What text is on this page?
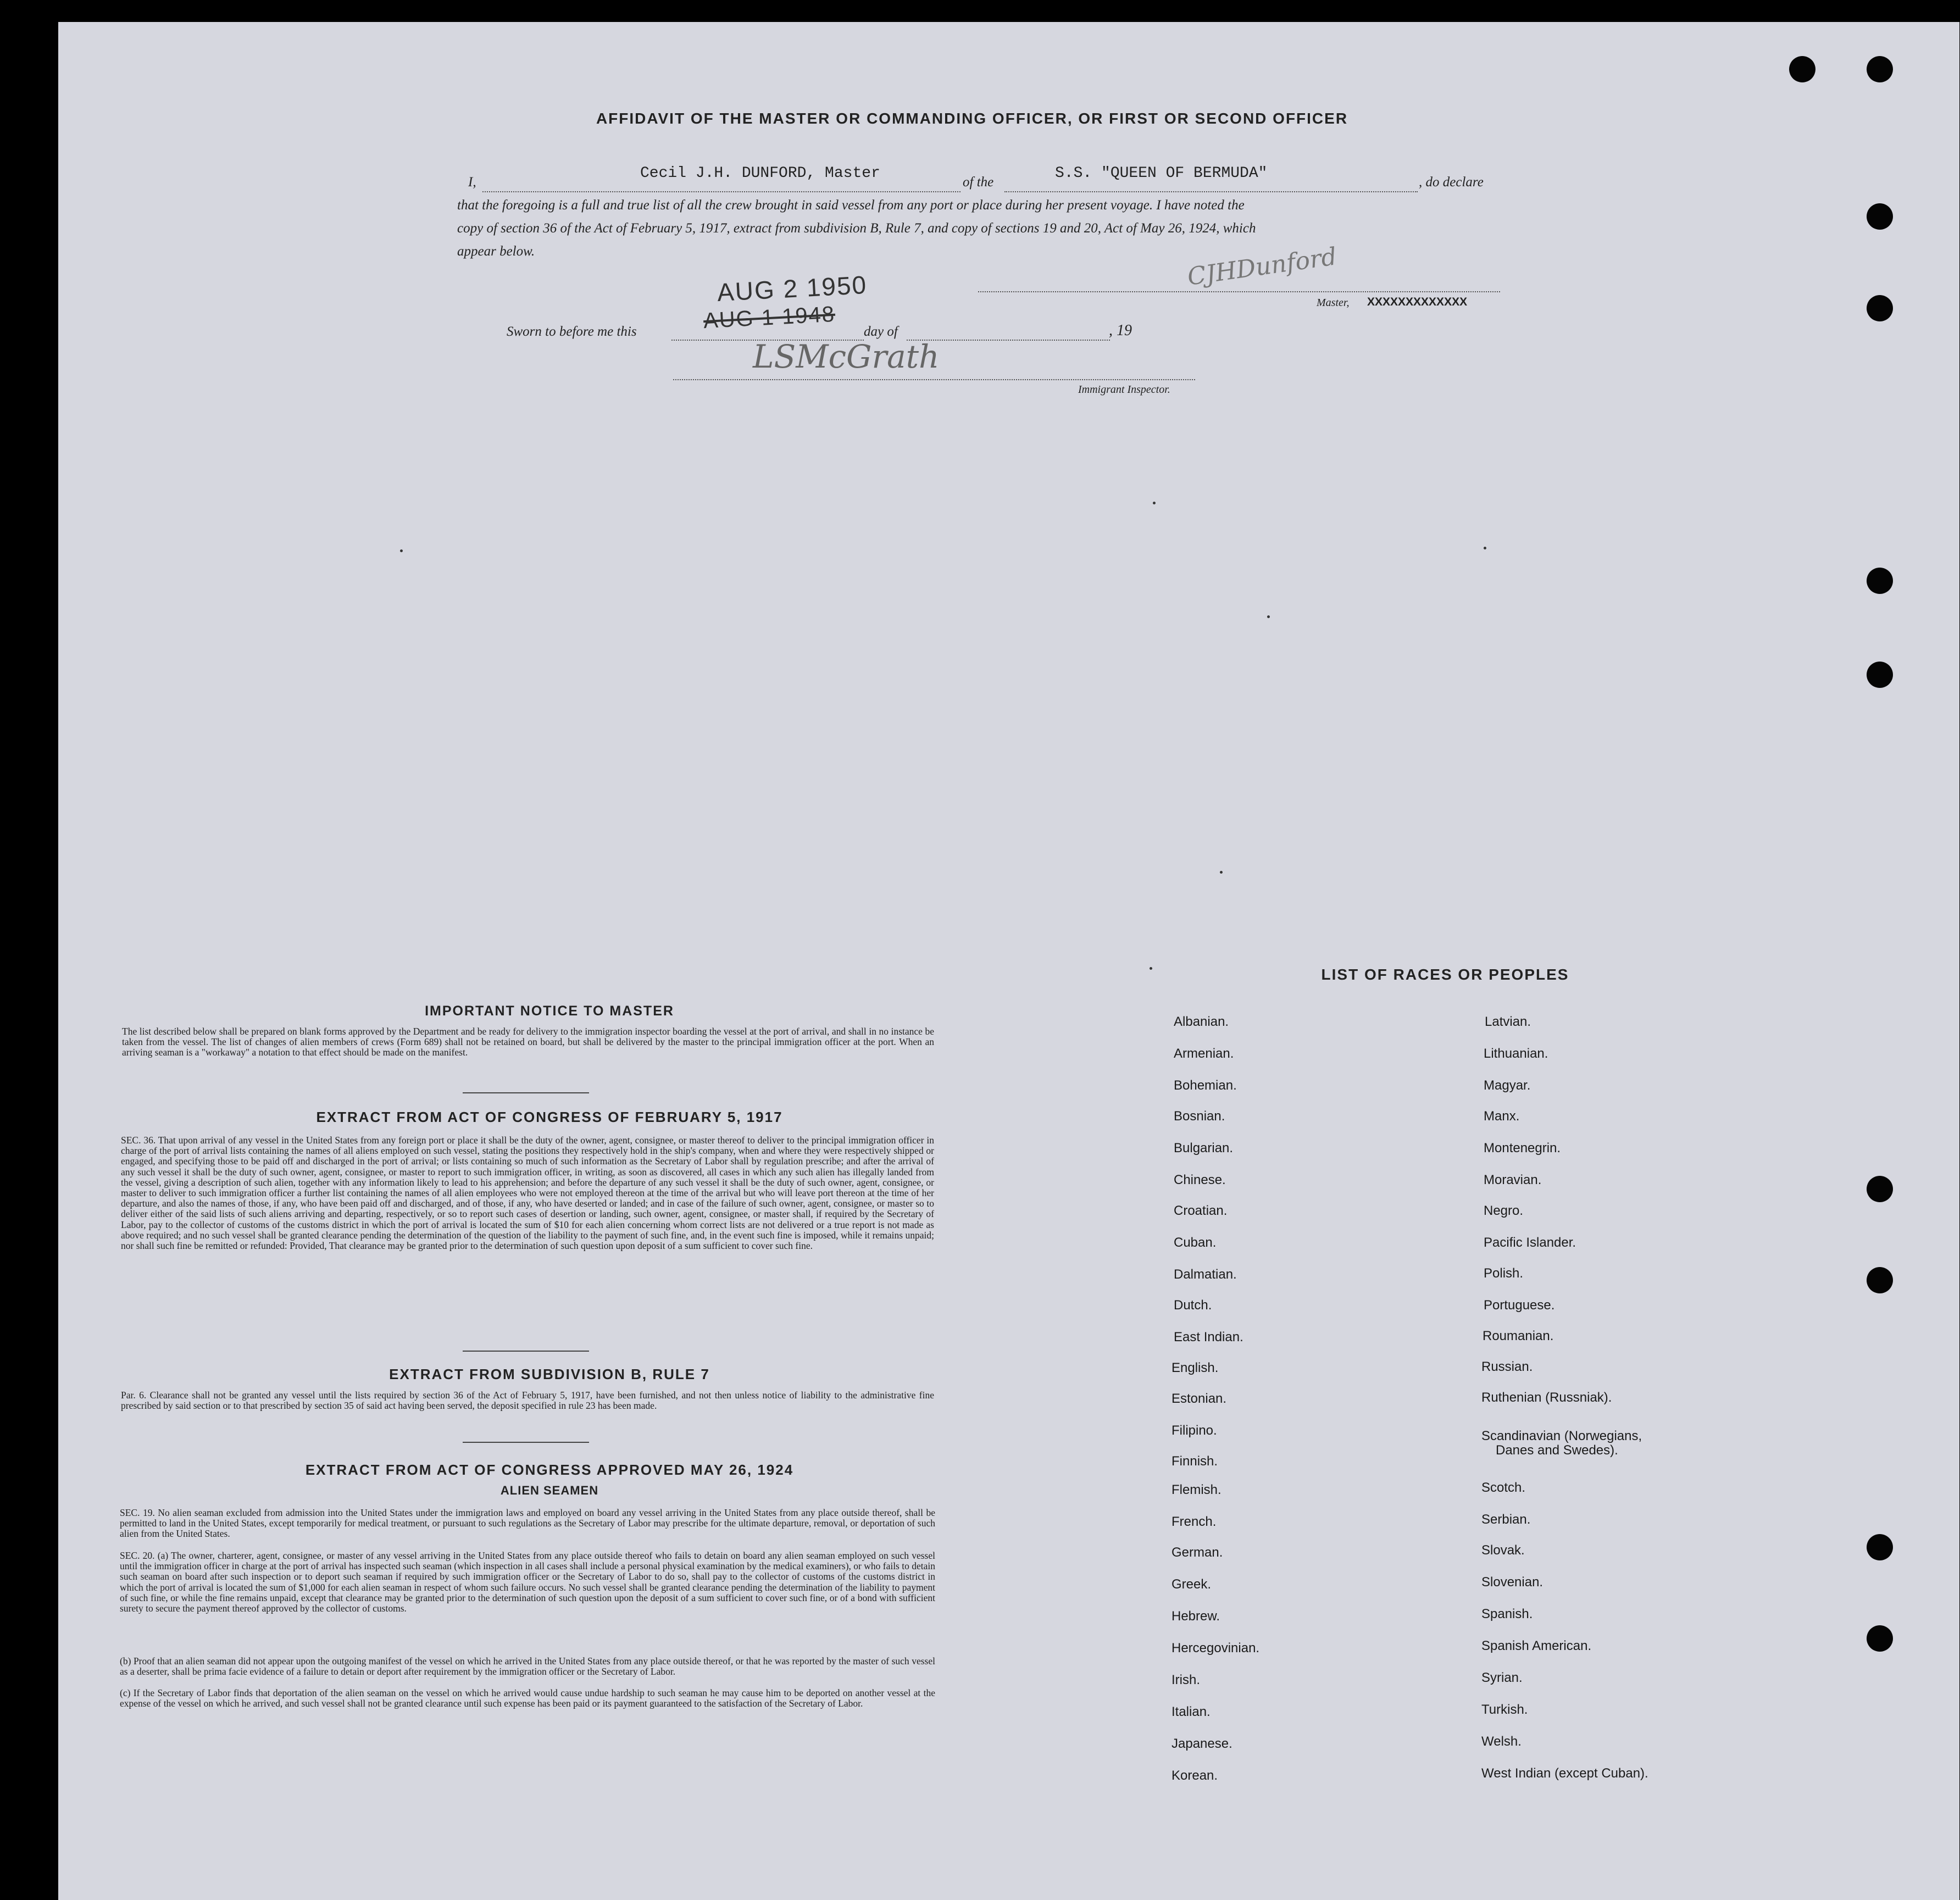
AFFIDAVIT OF THE MASTER OR COMMANDING OFFICER, OR FIRST OR SECOND OFFICER
I,
Cecil J.H. DUNFORD, Master
of the
S.S. "QUEEN OF BERMUDA"
, do declare
that the foregoing is a full and true list of all the crew brought in said vessel from any port or place during her present voyage. I have noted the
copy of section 36 of the Act of February 5, 1917, extract from subdivision B, Rule 7, and copy of sections 19 and 20, Act of May 26, 1924, which
appear below.	CJHDunford
Master, XXXXXXXXXXXXX
AUG 2 1950
AUG 1 1948
Sworn to before me this	day of	, 19
LSMcGrath
Immigrant Inspector.
IMPORTANT NOTICE TO MASTER
The list described below shall be prepared on blank forms approved by the Department and be ready for delivery to the immigration inspector boarding the vessel at the port of arrival, and shall in no instance be taken from the vessel. The list of changes of alien members of crews (Form 689) shall not be retained on board, but shall be delivered by the master to the principal immigration officer at the port. When an arriving seaman is a "workaway" a notation to that effect should be made on the manifest.
EXTRACT FROM ACT OF CONGRESS OF FEBRUARY 5, 1917
SEC. 36. That upon arrival of any vessel in the United States from any foreign port or place it shall be the duty of the owner, agent, consignee, or master thereof to deliver to the principal immigration officer in charge of the port of arrival lists containing the names of all aliens employed on such vessel, stating the positions they respectively hold in the ship's company, when and where they were respectively shipped or engaged, and specifying those to be paid off and discharged in the port of arrival; or lists containing so much of such information as the Secretary of Labor shall by regulation prescribe; and after the arrival of any such vessel it shall be the duty of such owner, agent, consignee, or master to report to such immigration officer, in writing, as soon as discovered, all cases in which any such alien has illegally landed from the vessel, giving a description of such alien, together with any information likely to lead to his apprehension; and before the departure of any such vessel it shall be the duty of such owner, agent, consignee, or master to deliver to such immigration officer a further list containing the names of all alien employees who were not employed thereon at the time of the arrival but who will leave port thereon at the time of her departure, and also the names of those, if any, who have been paid off and discharged, and of those, if any, who have deserted or landed; and in case of the failure of such owner, agent, consignee, or master so to deliver either of the said lists of such aliens arriving and departing, respectively, or so to report such cases of desertion or landing, such owner, agent, consignee, or master shall, if required by the Secretary of Labor, pay to the collector of customs of the customs district in which the port of arrival is located the sum of $10 for each alien concerning whom correct lists are not delivered or a true report is not made as above required; and no such vessel shall be granted clearance pending the determination of the question of the liability to the payment of such fine, and, in the event such fine is imposed, while it remains unpaid; nor shall such fine be remitted or refunded: Provided, That clearance may be granted prior to the determination of such question upon deposit of a sum sufficient to cover such fine.
EXTRACT FROM SUBDIVISION B, RULE 7
Par. 6. Clearance shall not be granted any vessel until the lists required by section 36 of the Act of February 5, 1917, have been furnished, and not then unless notice of liability to the administrative fine prescribed by said section or to that prescribed by section 35 of said act having been served, the deposit specified in rule 23 has been made.
EXTRACT FROM ACT OF CONGRESS APPROVED MAY 26, 1924
ALIEN SEAMEN
SEC. 19. No alien seaman excluded from admission into the United States under the immigration laws and employed on board any vessel arriving in the United States from any place outside thereof, shall be permitted to land in the United States, except temporarily for medical treatment, or pursuant to such regulations as the Secretary of Labor may prescribe for the ultimate departure, removal, or deportation of such alien from the United States.
SEC. 20. (a) The owner, charterer, agent, consignee, or master of any vessel arriving in the United States from any place outside thereof who fails to detain on board any alien seaman employed on such vessel until the immigration officer in charge at the port of arrival has inspected such seaman (which inspection in all cases shall include a personal physical examination by the medical examiners), or who fails to detain such seaman on board after such inspection or to deport such seaman if required by such immigration officer or the Secretary of Labor to do so, shall pay to the collector of customs of the customs district in which the port of arrival is located the sum of $1,000 for each alien seaman in respect of whom such failure occurs. No such vessel shall be granted clearance pending the determination of the liability to payment of such fine, or while the fine remains unpaid, except that clearance may be granted prior to the determination of such question upon the deposit of a sum sufficient to cover such fine, or of a bond with sufficient surety to secure the payment thereof approved by the collector of customs.
(b) Proof that an alien seaman did not appear upon the outgoing manifest of the vessel on which he arrived in the United States from any place outside thereof, or that he was reported by the master of such vessel as a deserter, shall be prima facie evidence of a failure to detain or deport after requirement by the immigration officer or the Secretary of Labor.
(c) If the Secretary of Labor finds that deportation of the alien seaman on the vessel on which he arrived would cause undue hardship to such seaman he may cause him to be deported on another vessel at the expense of the vessel on which he arrived, and such vessel shall not be granted clearance until such expense has been paid or its payment guaranteed to the satisfaction of the Secretary of Labor.
LIST OF RACES OR PEOPLES
Albanian.
Armenian.
Bohemian.
Bosnian.
Bulgarian.
Chinese.
Croatian.
Cuban.
Dalmatian.
Dutch.
East Indian.
English.
Estonian.
Filipino.
Finnish.
Flemish.
French.
German.
Greek.
Hebrew.
Hercegovinian.
Irish.
Italian.
Japanese.
Korean.
Latvian.
Lithuanian.
Magyar.
Manx.
Montenegrin.
Moravian.
Negro.
Pacific Islander.
Polish.
Portuguese.
Roumanian.
Russian.
Ruthenian (Russniak).
Scandinavian (Norwegians,
Danes and Swedes).
Scotch.
Serbian.
Slovak.
Slovenian.
Spanish.
Spanish American.
Syrian.
Turkish.
Welsh.
West Indian (except Cuban).
